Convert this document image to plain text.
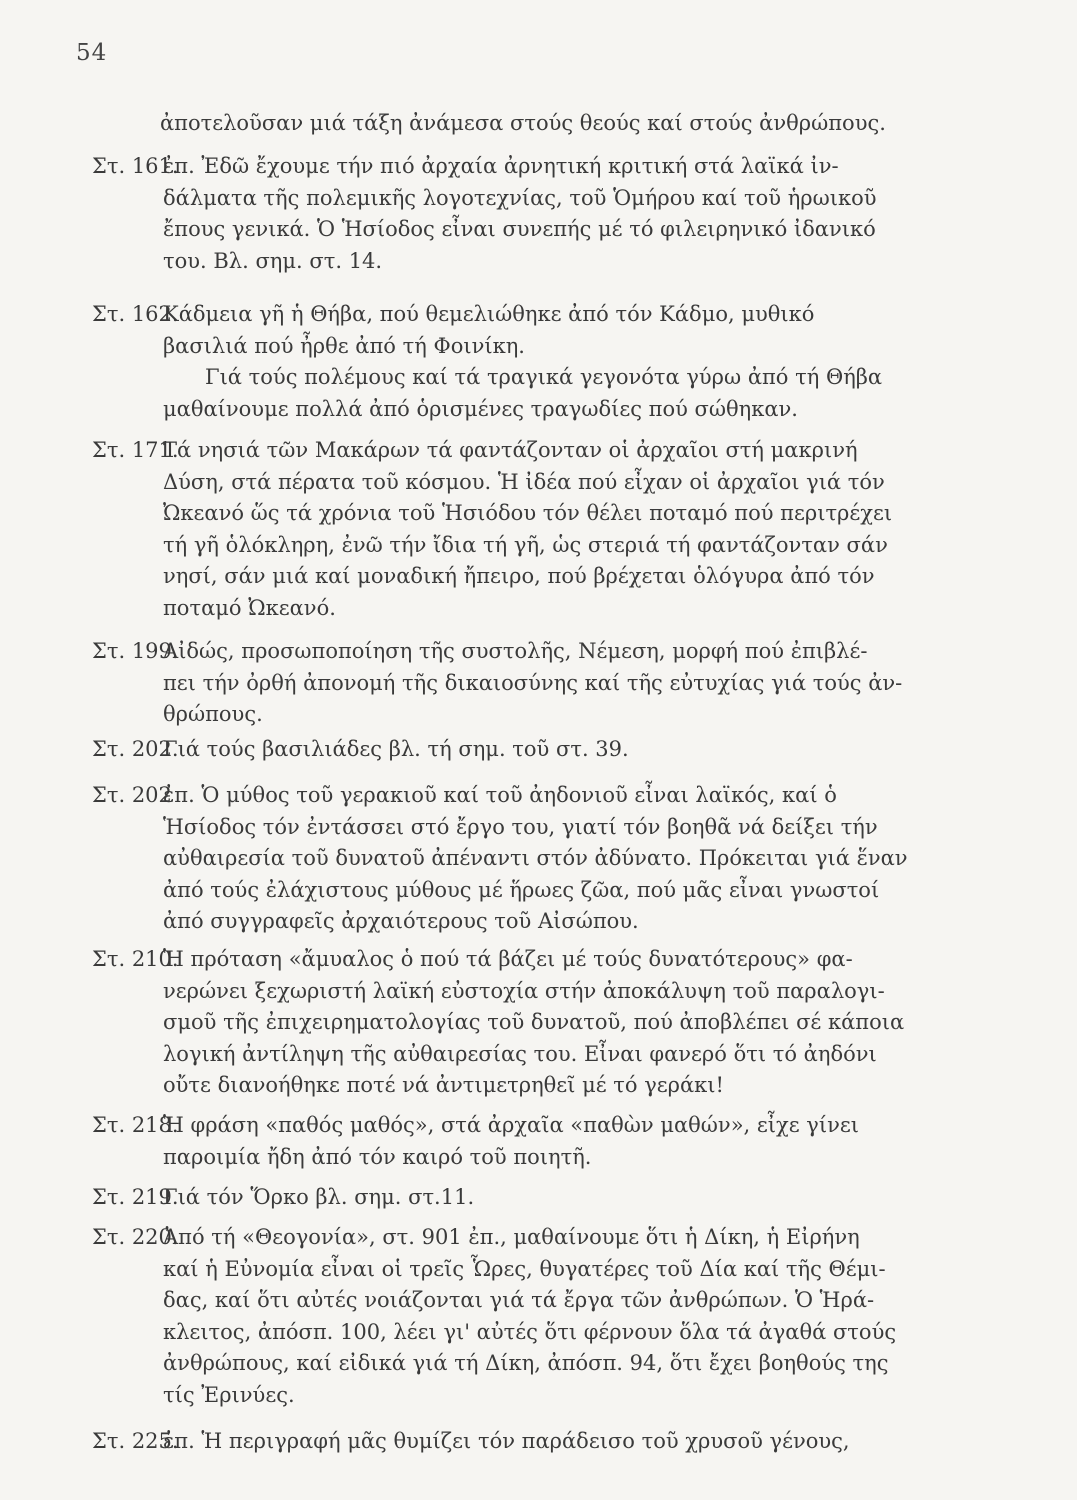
54
ἀποτελοῦσαν μιά τάξη ἀνάμεσα στούς θεούς καί στούς ἀνθρώπους.
Στ. 161.
ἐπ. Ἐδῶ ἔχουμε τήν πιό ἀρχαία ἀρνητική κριτική στά λαϊκά ἰν-
δάλματα τῆς πολεμικῆς λογοτεχνίας, τοῦ Ὁμήρου καί τοῦ ἡρωικοῦ
ἔπους γενικά. Ὁ Ἡσίοδος εἶναι συνεπής μέ τό φιλειρηνικό ἰδανικό
του. Βλ. σημ. στ. 14.
Στ. 162.
Κάδμεια γῆ ἡ Θήβα, πού θεμελιώθηκε ἀπό τόν Κάδμο, μυθικό
βασιλιά πού ἦρθε ἀπό τή Φοινίκη.
Γιά τούς πολέμους καί τά τραγικά γεγονότα γύρω ἀπό τή Θήβα
μαθαίνουμε πολλά ἀπό ὁρισμένες τραγωδίες πού σώθηκαν.
Στ. 171.
Τά νησιά τῶν Μακάρων τά φαντάζονταν οἱ ἀρχαῖοι στή μακρινή
Δύση, στά πέρατα τοῦ κόσμου. Ἡ ἰδέα πού εἶχαν οἱ ἀρχαῖοι γιά τόν
Ὠκεανό ὥς τά χρόνια τοῦ Ἡσιόδου τόν θέλει ποταμό πού περιτρέχει
τή γῆ ὁλόκληρη, ἐνῶ τήν ἴδια τή γῆ, ὡς στεριά τή φαντάζονταν σάν
νησί, σάν μιά καί μοναδική ἤπειρο, πού βρέχεται ὁλόγυρα ἀπό τόν
ποταμό Ὠκεανό.
Στ. 199.
Αἰδώς, προσωποποίηση τῆς συστολῆς, Νέμεση, μορφή πού ἐπιβλέ-
πει τήν ὀρθή ἀπονομή τῆς δικαιοσύνης καί τῆς εὐτυχίας γιά τούς ἀν-
θρώπους.
Στ. 202.
Γιά τούς βασιλιάδες βλ. τή σημ. τοῦ στ. 39.
Στ. 202
ἐπ. Ὁ μύθος τοῦ γερακιοῦ καί τοῦ ἀηδονιοῦ εἶναι λαϊκός, καί ὁ
Ἡσίοδος τόν ἐντάσσει στό ἔργο του, γιατί τόν βοηθᾶ νά δείξει τήν
αὐθαιρεσία τοῦ δυνατοῦ ἀπέναντι στόν ἀδύνατο. Πρόκειται γιά ἕναν
ἀπό τούς ἐλάχιστους μύθους μέ ἥρωες ζῶα, πού μᾶς εἶναι γνωστοί
ἀπό συγγραφεῖς ἀρχαιότερους τοῦ Αἰσώπου.
Στ. 210.
Ἡ πρόταση «ἄμυαλος ὁ πού τά βάζει μέ τούς δυνατότερους» φα-
νερώνει ξεχωριστή λαϊκή εὐστοχία στήν ἀποκάλυψη τοῦ παραλογι-
σμοῦ τῆς ἐπιχειρηματολογίας τοῦ δυνατοῦ, πού ἀποβλέπει σέ κάποια
λογική ἀντίληψη τῆς αὐθαιρεσίας του. Εἶναι φανερό ὅτι τό ἀηδόνι
οὔτε διανοήθηκε ποτέ νά ἀντιμετρηθεῖ μέ τό γεράκι!
Στ. 218.
Ἡ φράση «παθός μαθός», στά ἀρχαῖα «παθὼν μαθών», εἶχε γίνει
παροιμία ἤδη ἀπό τόν καιρό τοῦ ποιητῆ.
Στ. 219.
Γιά τόν Ὅρκο βλ. σημ. στ.11.
Στ. 220.
Ἀπό τή «Θεογονία», στ. 901 ἐπ., μαθαίνουμε ὅτι ἡ Δίκη, ἡ Εἰρήνη
καί ἡ Εὐνομία εἶναι οἱ τρεῖς Ὧρες, θυγατέρες τοῦ Δία καί τῆς Θέμι-
δας, καί ὅτι αὐτές νοιάζονται γιά τά ἔργα τῶν ἀνθρώπων. Ὁ Ἡρά-
κλειτος, ἀπόσπ. 100, λέει γι' αὐτές ὅτι φέρνουν ὅλα τά ἀγαθά στούς
ἀνθρώπους, καί εἰδικά γιά τή Δίκη, ἀπόσπ. 94, ὅτι ἔχει βοηθούς της
τίς Ἐρινύες.
Στ. 225.
ἐπ. Ἡ περιγραφή μᾶς θυμίζει τόν παράδεισο τοῦ χρυσοῦ γένους,
